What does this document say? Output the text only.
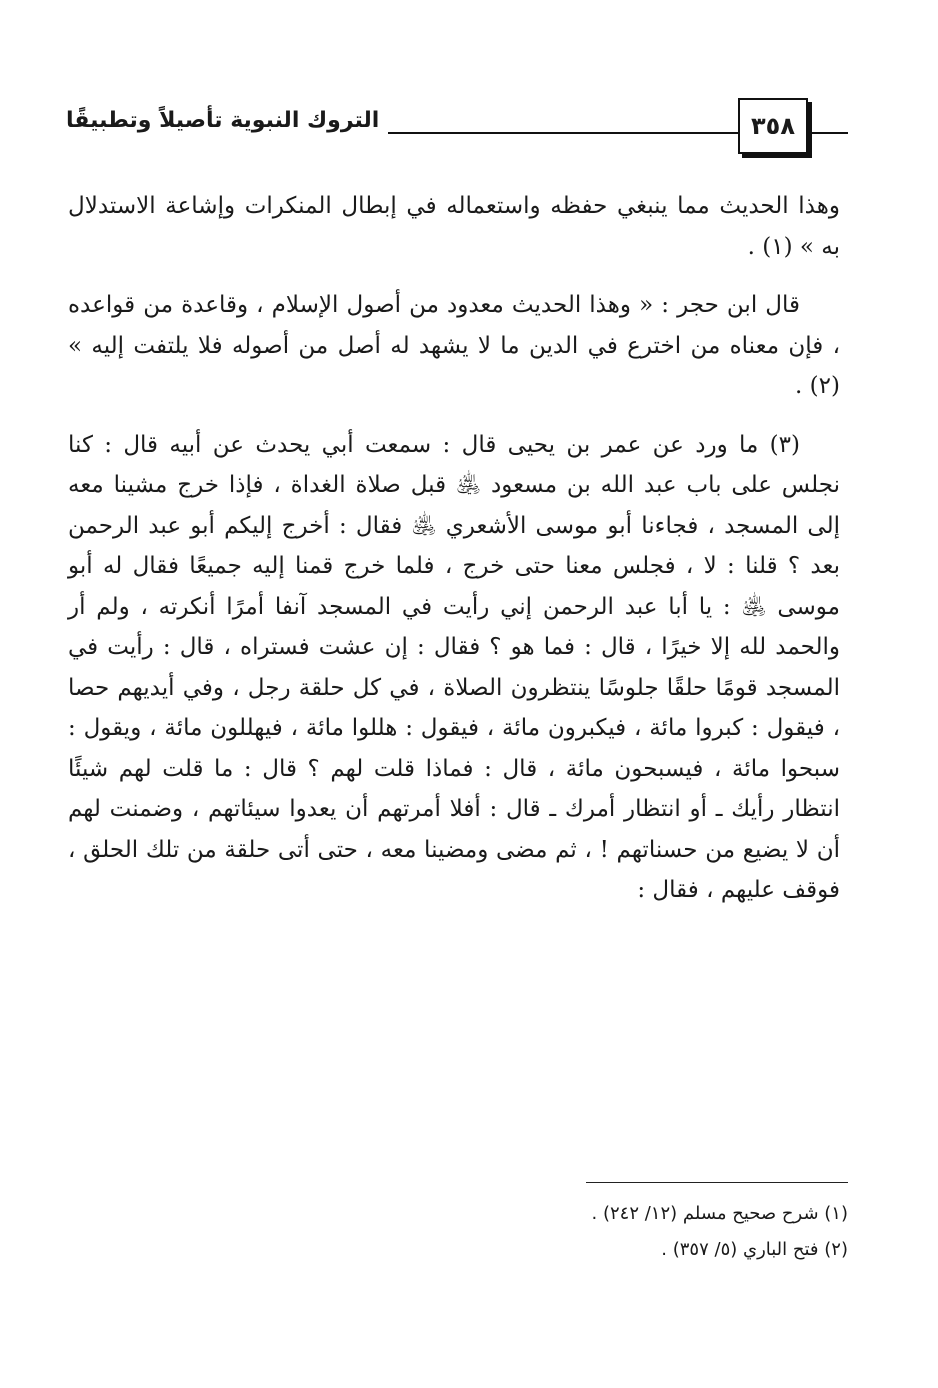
التروك النبوية تأصيلاً وتطبيقًا	٣٥٨

وهذا الحديث مما ينبغي حفظه واستعماله في إبطال المنكرات وإشاعة الاستدلال به » (١) .

قال ابن حجر : « وهذا الحديث معدود من أصول الإسلام ، وقاعدة من قواعده ، فإن معناه من اخترع في الدين ما لا يشهد له أصل من أصوله فلا يلتفت إليه » (٢) .

(٣) ما ورد عن عمر بن يحيى قال : سمعت أبي يحدث عن أبيه قال : كنا نجلس على باب عبد الله بن مسعود ﵁ قبل صلاة الغداة ، فإذا خرج مشينا معه إلى المسجد ، فجاءنا أبو موسى الأشعري ﵁ فقال : أخرج إليكم أبو عبد الرحمن بعد ؟ قلنا : لا ، فجلس معنا حتى خرج ، فلما خرج قمنا إليه جميعًا فقال له أبو موسى ﵁ : يا أبا عبد الرحمن إني رأيت في المسجد آنفا أمرًا أنكرته ، ولم أر والحمد لله إلا خيرًا ، قال : فما هو ؟ فقال : إن عشت فستراه ، قال : رأيت في المسجد قومًا حلقًا جلوسًا ينتظرون الصلاة ، في كل حلقة رجل ، وفي أيديهم حصا ، فيقول : كبروا مائة ، فيكبرون مائة ، فيقول : هللوا مائة ، فيهللون مائة ، ويقول : سبحوا مائة ، فيسبحون مائة ، قال : فماذا قلت لهم ؟ قال : ما قلت لهم شيئًا انتظار رأيك ـ أو انتظار أمرك ـ قال : أفلا أمرتهم أن يعدوا سيئاتهم ، وضمنت لهم أن لا يضيع من حسناتهم ! ، ثم مضى ومضينا معه ، حتى أتى حلقة من تلك الحلق ، فوقف عليهم ، فقال :

(١) شرح صحيح مسلم (١٢/ ٢٤٢) .

(٢) فتح الباري (٥/ ٣٥٧) .
